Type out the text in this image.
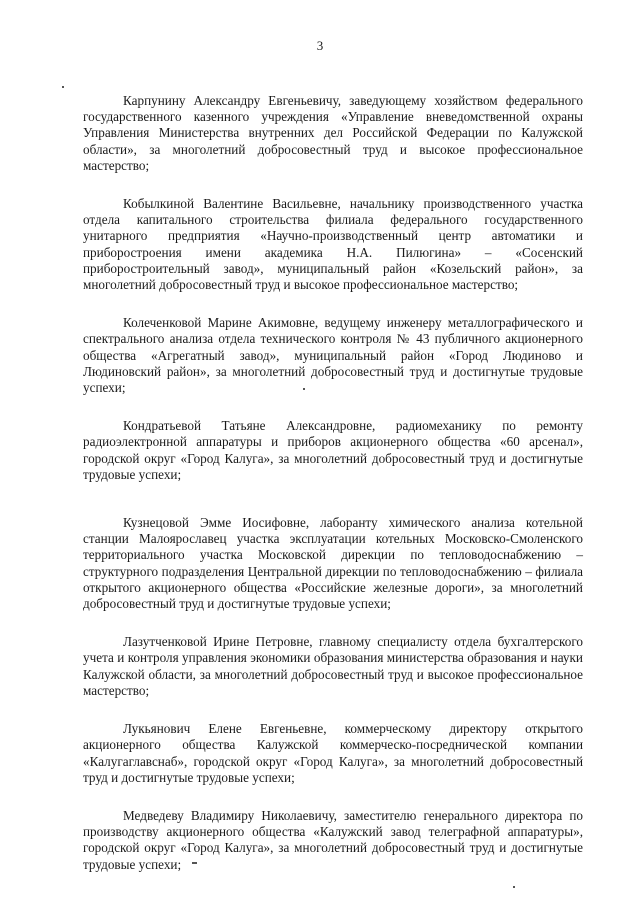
3

Карпунину Александру Евгеньевичу, заведующему хозяйством федерального государственного казенного учреждения «Управление вневедомственной охраны Управления Министерства внутренних дел Российской Федерации по Калужской области», за многолетний добросовестный труд и высокое профессиональное мастерство;

Кобылкиной Валентине Васильевне, начальнику производственного участка отдела капитального строительства филиала федерального государственного унитарного предприятия «Научно-производственный центр автоматики и приборостроения имени академика Н.А. Пилюгина» – «Сосенский приборостроительный завод», муниципальный район «Козельский район», за многолетний добросовестный труд и высокое профессиональное мастерство;

Колеченковой Марине Акимовне, ведущему инженеру металлографического и спектрального анализа отдела технического контроля № 43 публичного акционерного общества «Агрегатный завод», муниципальный район «Город Людиново и Людиновский район», за многолетний добросовестный труд и достигнутые трудовые успехи;

Кондратьевой Татьяне Александровне, радиомеханику по ремонту радиоэлектронной аппаратуры и приборов акционерного общества «60 арсенал», городской округ «Город Калуга», за многолетний добросовестный труд и достигнутые трудовые успехи;

Кузнецовой Эмме Иосифовне, лаборанту химического анализа котельной станции Малоярославец участка эксплуатации котельных Московско-Смоленского территориального участка Московской дирекции по тепловодоснабжению – структурного подразделения Центральной дирекции по тепловодоснабжению – филиала открытого акционерного общества «Российские железные дороги», за многолетний добросовестный труд и достигнутые трудовые успехи;

Лазутченковой Ирине Петровне, главному специалисту отдела бухгалтерского учета и контроля управления экономики образования министерства образования и науки Калужской области, за многолетний добросовестный труд и высокое профессиональное мастерство;

Лукьянович Елене Евгеньевне, коммерческому директору открытого акционерного общества Калужской коммерческо-посреднической компании «Калугаглавснаб», городской округ «Город Калуга», за многолетний добросовестный труд и достигнутые трудовые успехи;

Медведеву Владимиру Николаевичу, заместителю генерального директора по производству акционерного общества «Калужский завод телеграфной аппаратуры», городской округ «Город Калуга», за многолетний добросовестный труд и достигнутые трудовые успехи;
